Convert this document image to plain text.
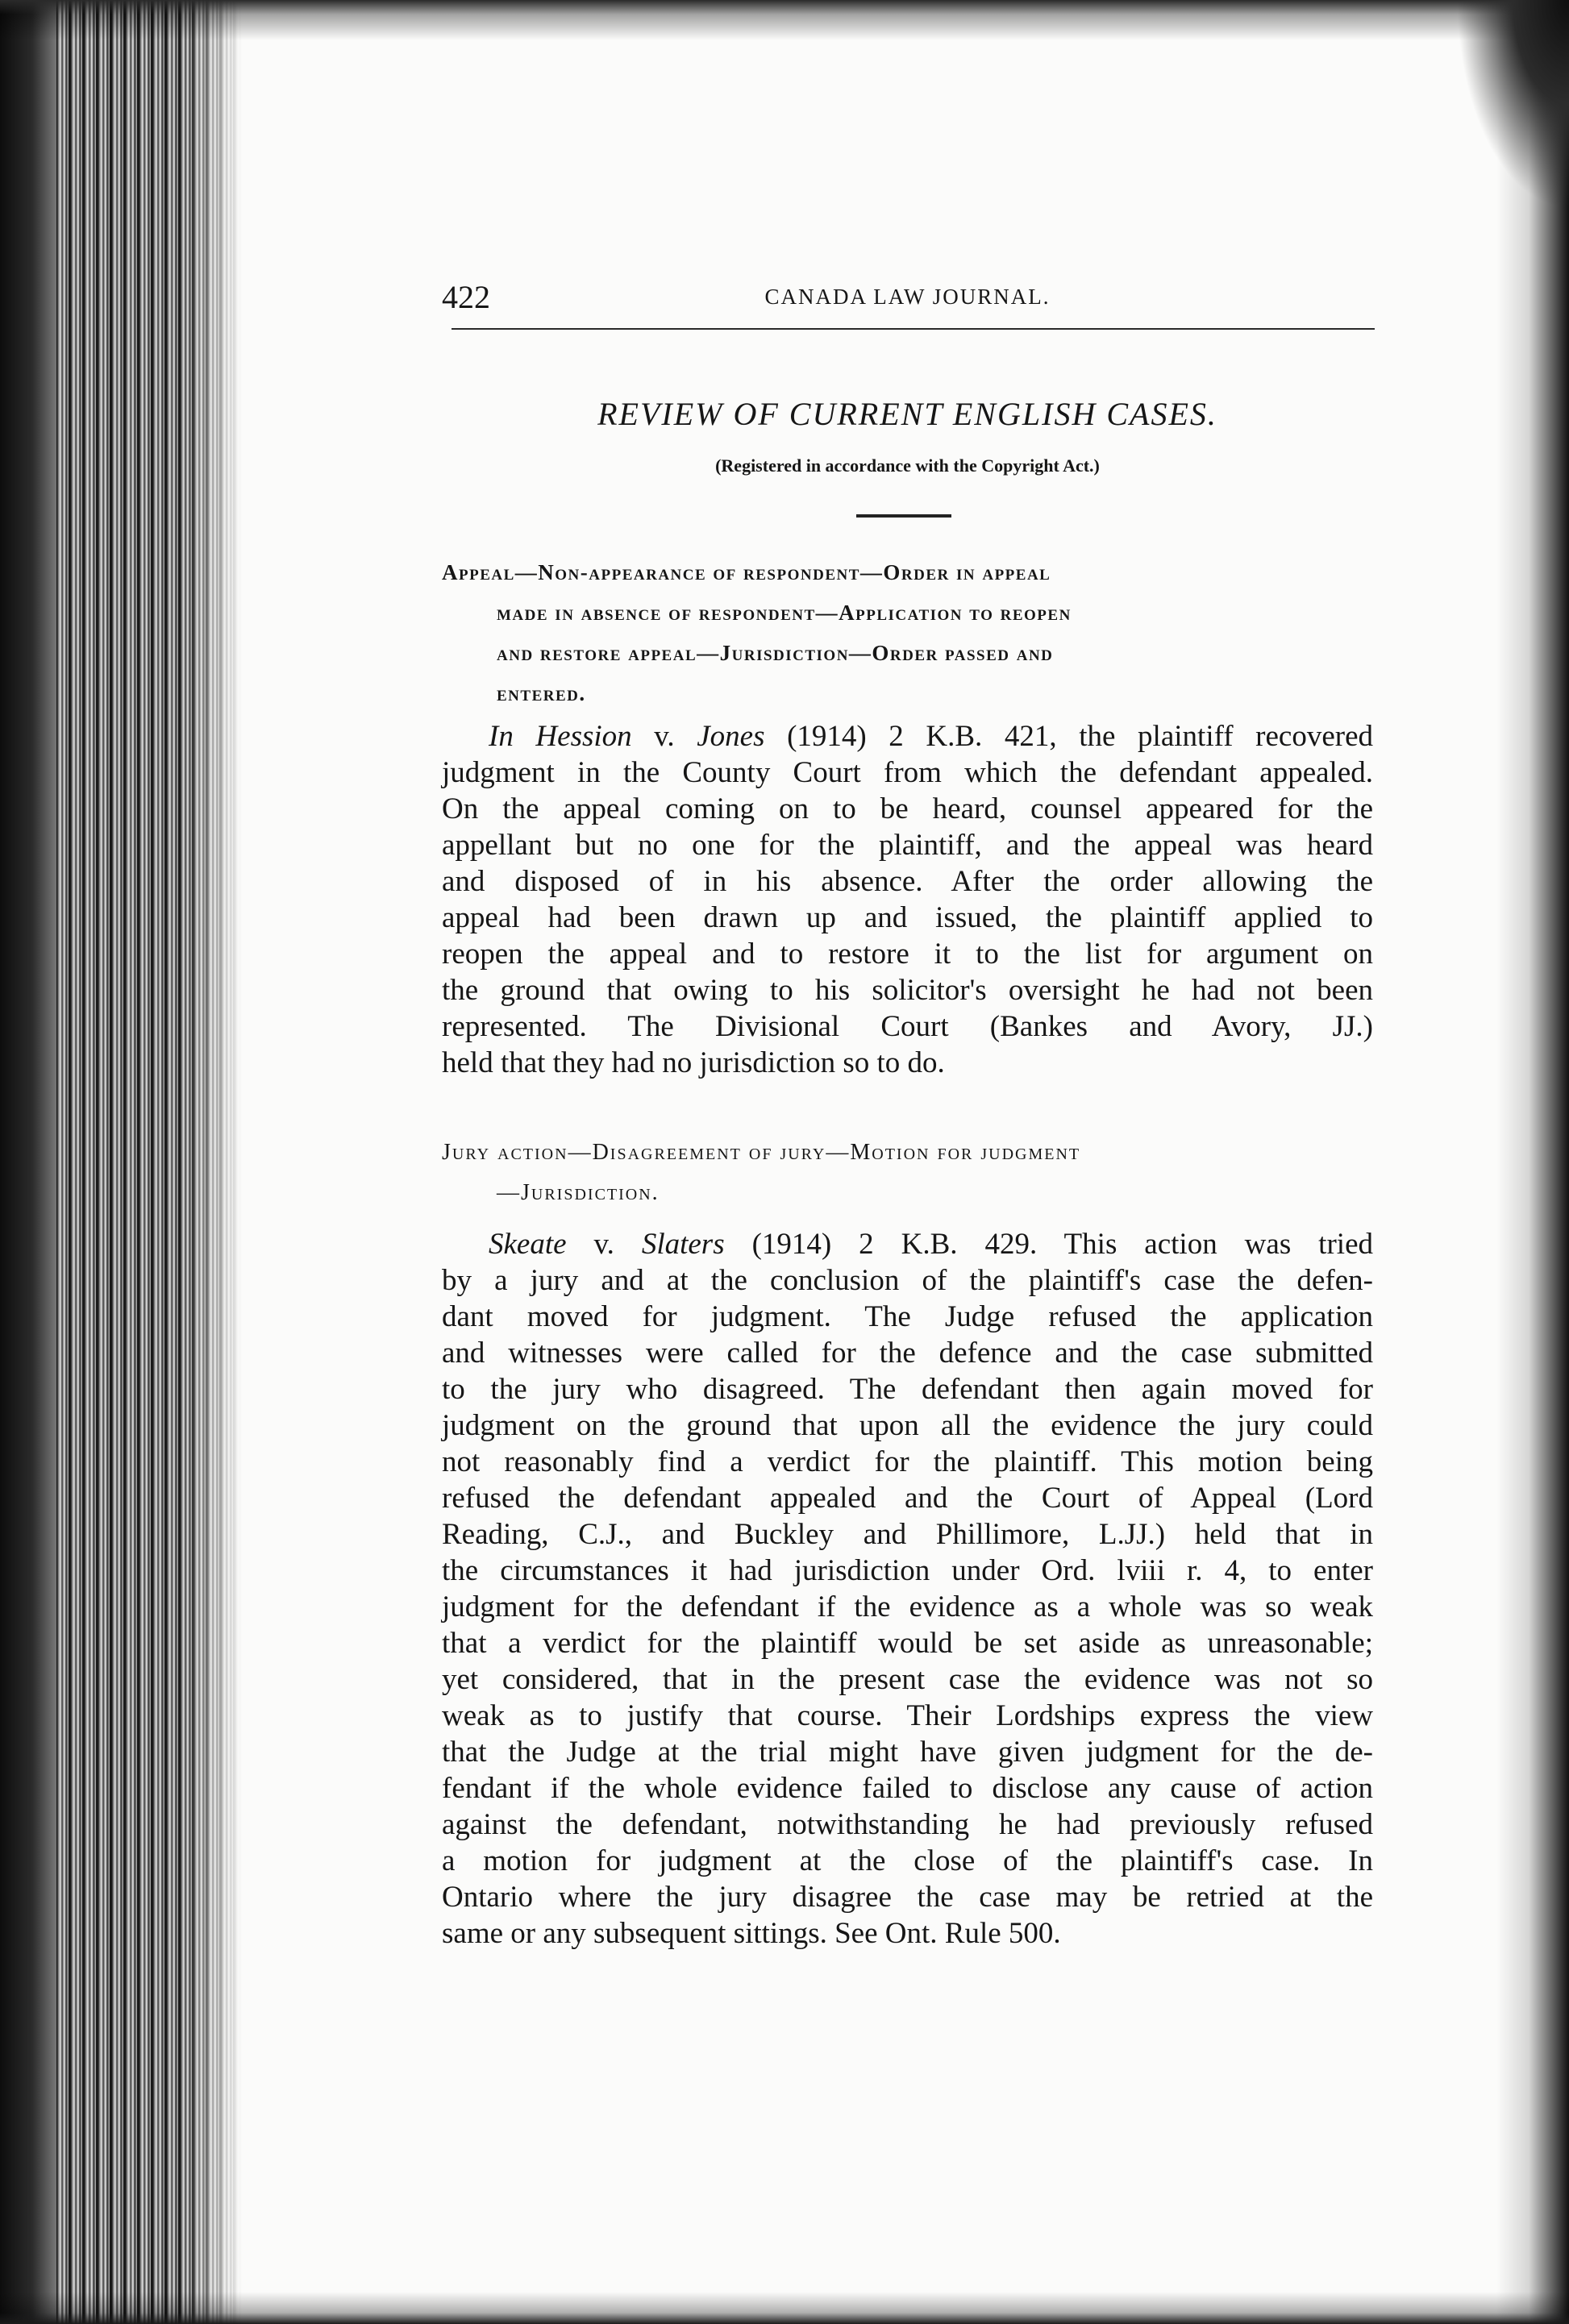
422	CANADA LAW JOURNAL.
REVIEW OF CURRENT ENGLISH CASES.
(Registered in accordance with the Copyright Act.)
Appeal—Non-appearance of respondent—Order in appeal
made in absence of respondent—Application to reopen
and restore appeal—Jurisdiction—Order passed and
entered.
In Hession v. Jones (1914) 2 K.B. 421, the plaintiff recovered
judgment in the County Court from which the defendant appealed.
On the appeal coming on to be heard, counsel appeared for the
appellant but no one for the plaintiff, and the appeal was heard
and disposed of in his absence. After the order allowing the
appeal had been drawn up and issued, the plaintiff applied to
reopen the appeal and to restore it to the list for argument on
the ground that owing to his solicitor's oversight he had not been
represented. The Divisional Court (Bankes and Avory, JJ.)
held that they had no jurisdiction so to do.
Jury action—Disagreement of jury—Motion for judgment
—Jurisdiction.
Skeate v. Slaters (1914) 2 K.B. 429. This action was tried
by a jury and at the conclusion of the plaintiff's case the defen-
dant moved for judgment. The Judge refused the application
and witnesses were called for the defence and the case submitted
to the jury who disagreed. The defendant then again moved for
judgment on the ground that upon all the evidence the jury could
not reasonably find a verdict for the plaintiff. This motion being
refused the defendant appealed and the Court of Appeal (Lord
Reading, C.J., and Buckley and Phillimore, L.JJ.) held that in
the circumstances it had jurisdiction under Ord. lviii r. 4, to enter
judgment for the defendant if the evidence as a whole was so weak
that a verdict for the plaintiff would be set aside as unreasonable;
yet considered, that in the present case the evidence was not so
weak as to justify that course. Their Lordships express the view
that the Judge at the trial might have given judgment for the de-
fendant if the whole evidence failed to disclose any cause of action
against the defendant, notwithstanding he had previously refused
a motion for judgment at the close of the plaintiff's case. In
Ontario where the jury disagree the case may be retried at the
same or any subsequent sittings. See Ont. Rule 500.
